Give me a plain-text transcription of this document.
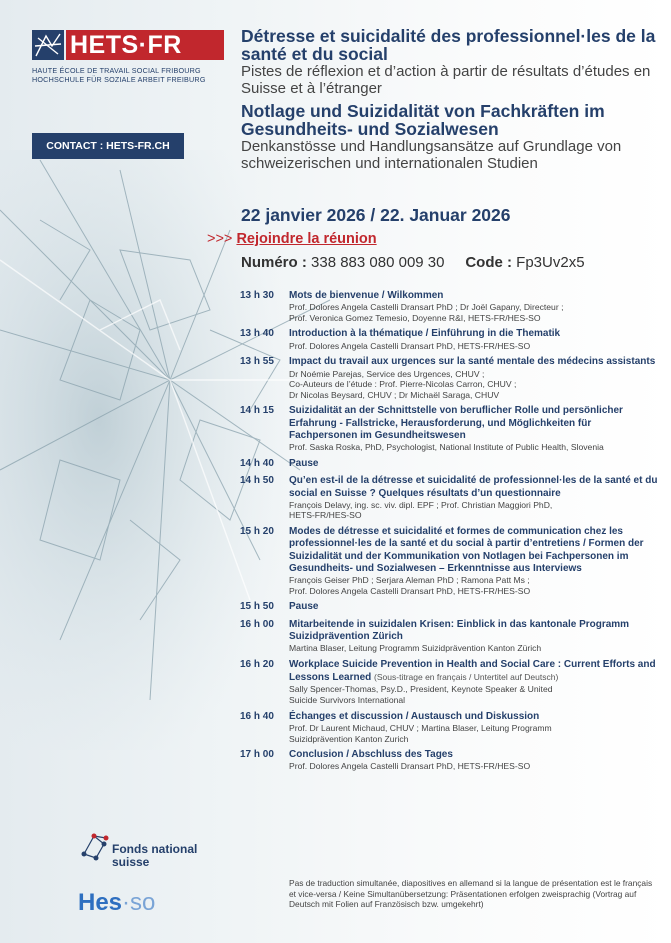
HETS·FR
HAUTE ÉCOLE DE TRAVAIL SOCIAL FRIBOURG
HOCHSCHULE FÜR SOZIALE ARBEIT FREIBURG
CONTACT : HETS-FR.CH
Détresse et suicidalité des professionnel·les de la santé et du social
Pistes de réflexion et d’action à partir de résultats d’études en Suisse et à l’étranger
Notlage und Suizidalität von Fachkräften im Gesundheits- und Sozialwesen
Denkanstösse und Handlungsansätze auf Grundlage von schweizerischen und internationalen Studien
22 janvier 2026 / 22. Januar 2026
>>> Rejoindre la réunion
Numéro : 338 883 080 009 30 Code : Fp3Uv2x5
13 h 30	Mots de bienvenue / Wilkommen
Prof. Dolores Angela Castelli Dransart PhD ; Dr Joël Gapany, Directeur ;
Prof. Veronica Gomez Temesio, Doyenne R&I, HETS-FR/HES-SO
13 h 40	Introduction à la thématique / Einführung in die Thematik
Prof. Dolores Angela Castelli Dransart PhD, HETS-FR/HES-SO
13 h 55	Impact du travail aux urgences sur la santé mentale des médecins assistants
Dr Noémie Parejas, Service des Urgences, CHUV ;
Co-Auteurs de l’étude : Prof. Pierre-Nicolas Carron, CHUV ;
Dr Nicolas Beysard, CHUV ; Dr Michaël Saraga, CHUV
14 h 15	Suizidalität an der Schnittstelle von beruflicher Rolle und persönlicher Erfahrung - Fallstricke, Herausforderung, und Möglichkeiten für Fachpersonen im Gesundheitswesen
Prof. Saska Roska, PhD, Psychologist, National Institute of Public Health, Slovenia
14 h 40	Pause
14 h 50	Qu’en est-il de la détresse et suicidalité de professionnel·les de la santé et du social en Suisse ? Quelques résultats d’un questionnaire
François Delavy, ing. sc. viv. dipl. EPF ; Prof. Christian Maggiori PhD,
HETS-FR/HES-SO
15 h 20	Modes de détresse et suicidalité et formes de communication chez les professionnel·les de la santé et du social à partir d’entretiens / Formen der Suizidalität und der Kommunikation von Notlagen bei Fachpersonen im Gesundheits- und Sozialwesen – Erkenntnisse aus Interviews
François Geiser PhD ; Serjara Aleman PhD ; Ramona Patt Ms ;
Prof. Dolores Angela Castelli Dransart PhD, HETS-FR/HES-SO
15 h 50	Pause
16 h 00	Mitarbeitende in suizidalen Krisen: Einblick in das kantonale Programm Suizidprävention Zürich
Martina Blaser, Leitung Programm Suizidprävention Kanton Zürich
16 h 20	Workplace Suicide Prevention in Health and Social Care : Current Efforts and Lessons Learned (Sous-titrage en français / Untertitel auf Deutsch)
Sally Spencer-Thomas, Psy.D., President, Keynote Speaker & United
Suicide Survivors International
16 h 40	Échanges et discussion / Austausch und Diskussion
Prof. Dr Laurent Michaud, CHUV ; Martina Blaser, Leitung Programm
Suizidprävention Kanton Zurich
17 h 00	Conclusion / Abschluss des Tages
Prof. Dolores Angela Castelli Dransart PhD, HETS-FR/HES-SO
Pas de traduction simultanée, diapositives en allemand si la langue de présentation est le français et vice-versa / Keine Simultanübersetzung: Präsentationen erfolgen zweisprachig (Vortrag auf Deutsch mit Folien auf Französisch bzw. umgekehrt)
Fonds national
suisse
Hes·so
